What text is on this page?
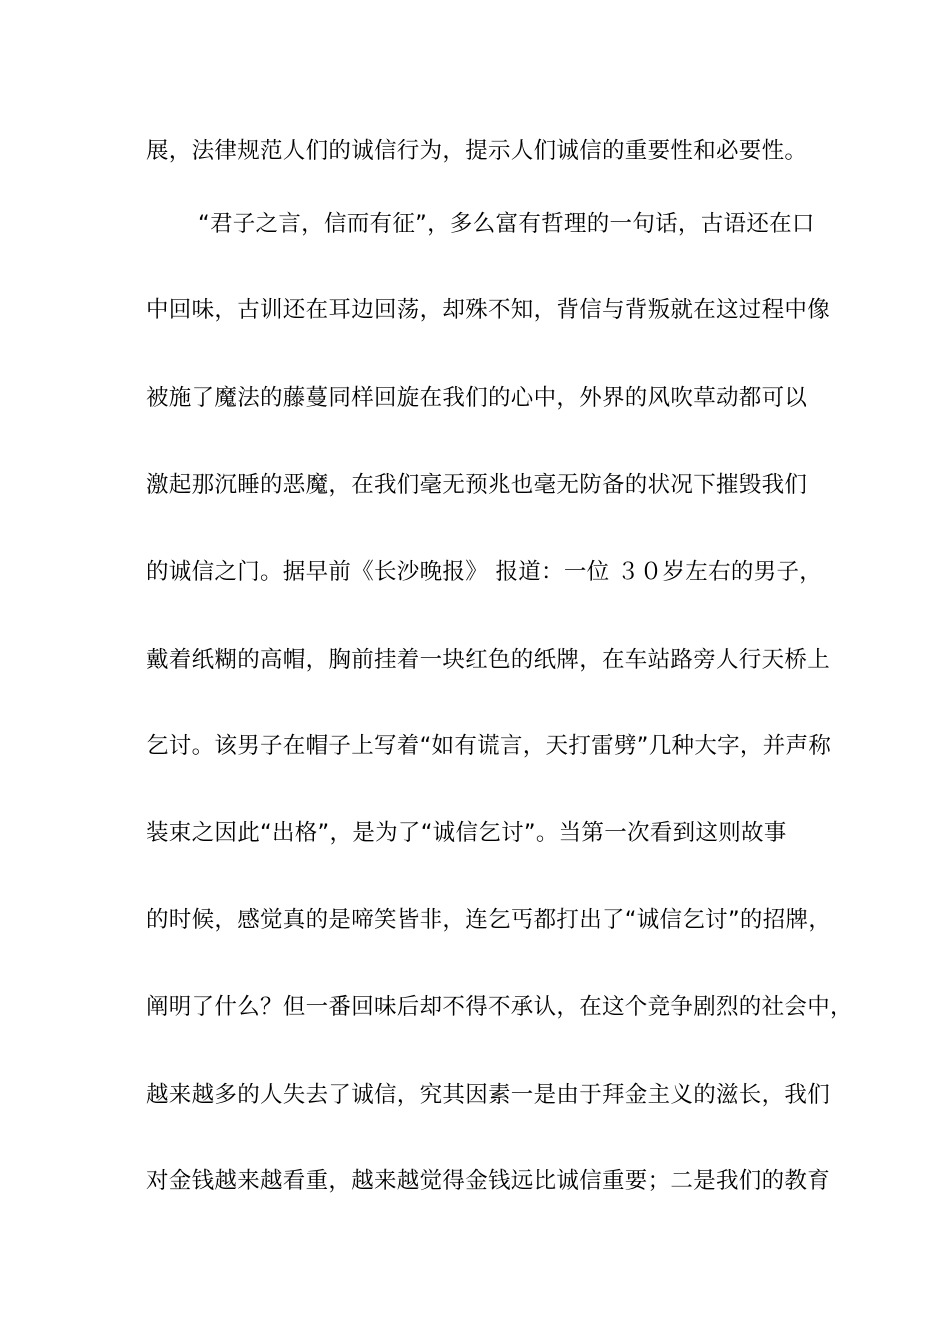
展，法律规范人们的诚信行为，提示人们诚信的重要性和必要性。
“君子之言，信而有征”，多么富有哲理的一句话，古语还在口
中回味，古训还在耳边回荡，却殊不知，背信与背叛就在这过程中像
被施了魔法的藤蔓同样回旋在我们的心中，外界的风吹草动都可以
激起那沉睡的恶魔，在我们毫无预兆也毫无防备的状况下摧毁我们
的诚信之门。据早前《长沙晚报》 报道：一位 ３０岁左右的男子，
戴着纸糊的高帽，胸前挂着一块红色的纸牌，在车站路旁人行天桥上
乞讨。该男子在帽子上写着“如有谎言，天打雷劈”几种大字，并声称
装束之因此“出格”，是为了“诚信乞讨”。当第一次看到这则故事
的时候，感觉真的是啼笑皆非，连乞丐都打出了“诚信乞讨”的招牌，
阐明了什么？但一番回味后却不得不承认，在这个竞争剧烈的社会中，
越来越多的人失去了诚信，究其因素一是由于拜金主义的滋长，我们
对金钱越来越看重，越来越觉得金钱远比诚信重要；二是我们的教育
